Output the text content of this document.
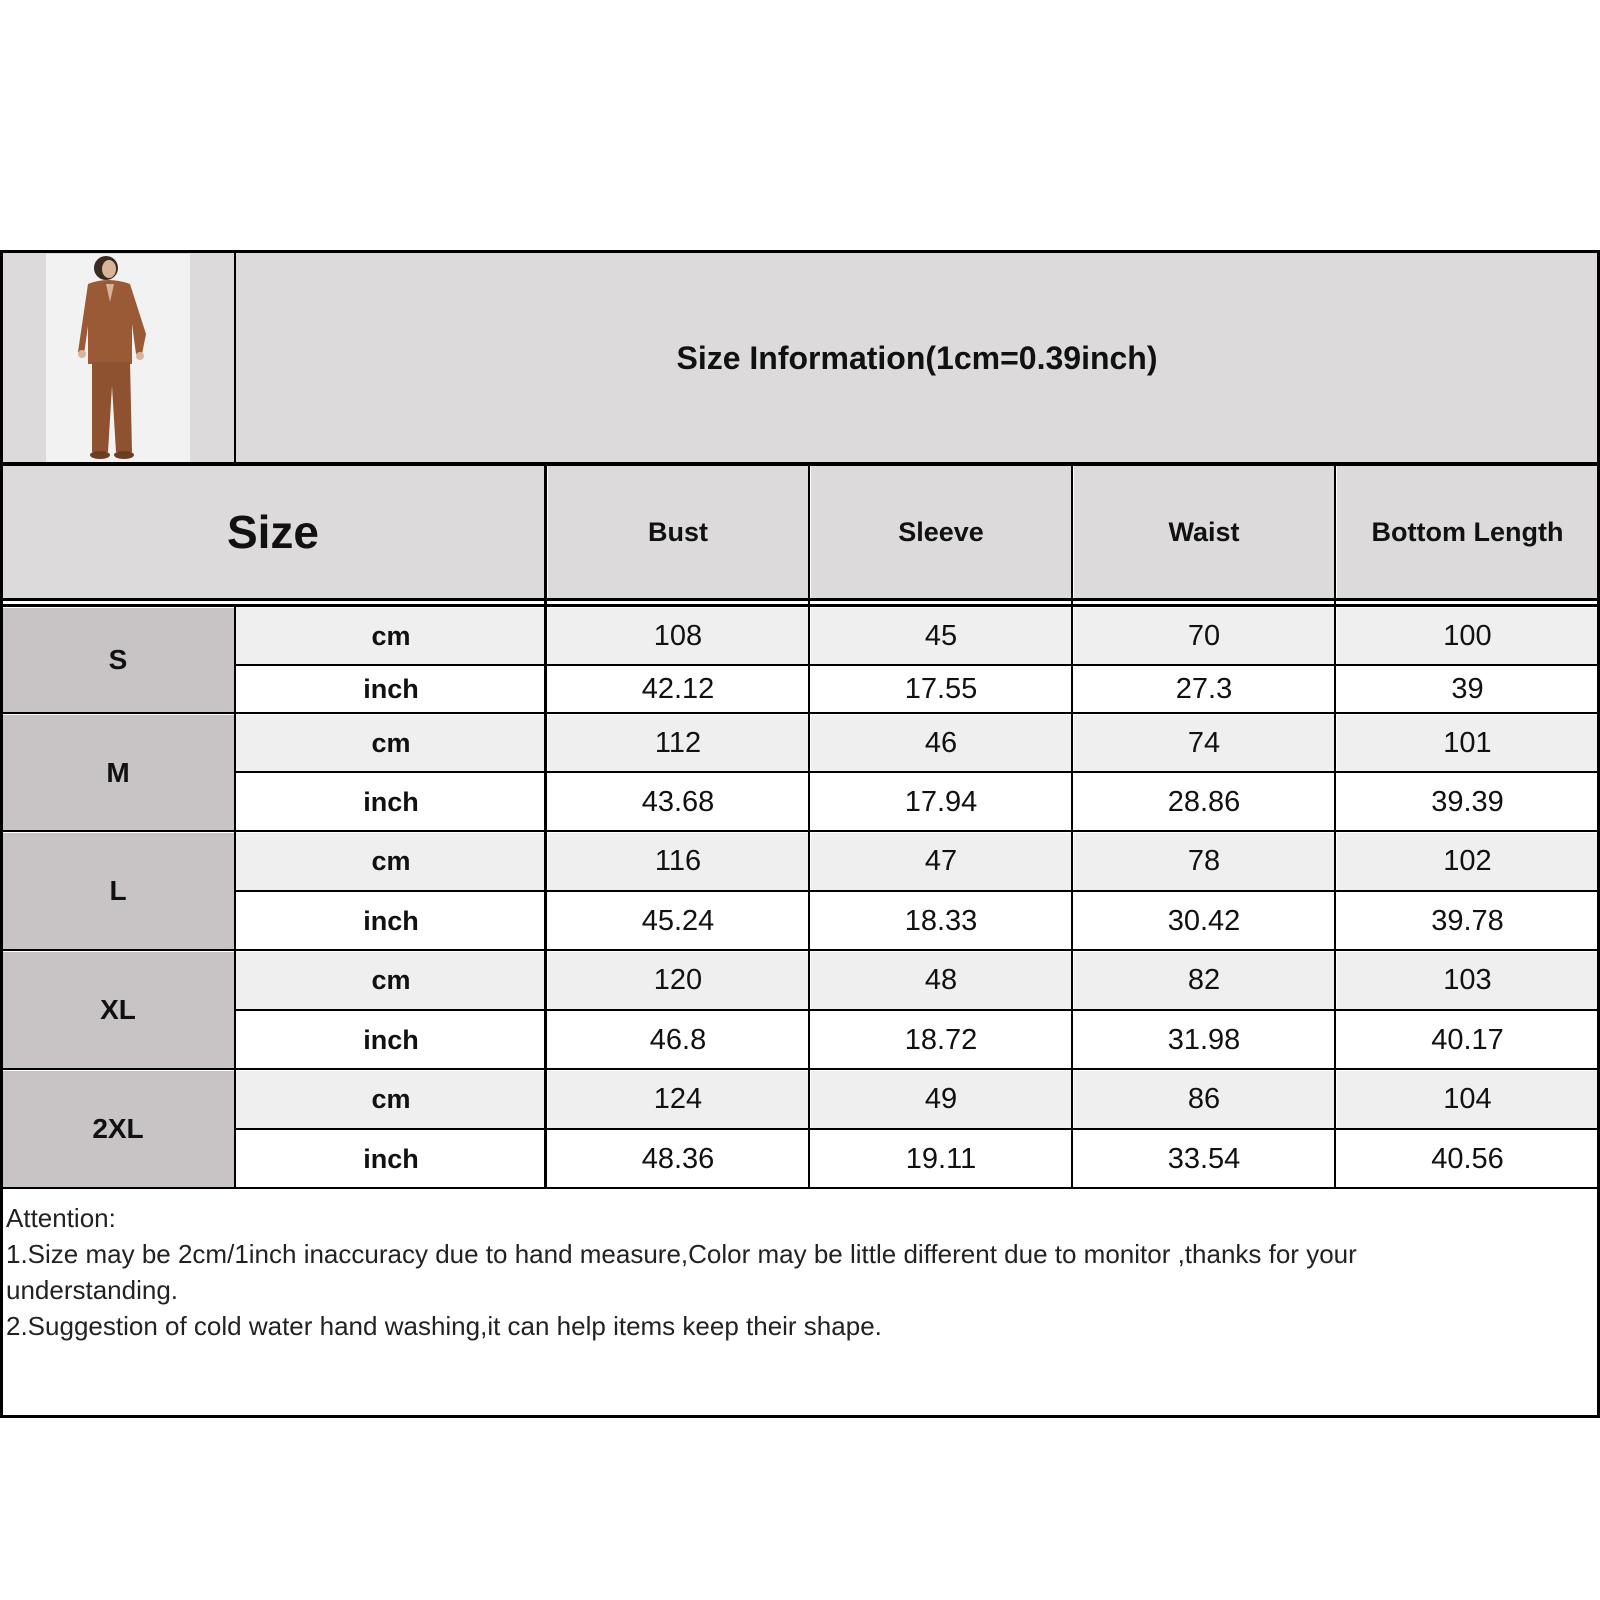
Size Information(1cm=0.39inch)
Size	Bust	Sleeve	Waist	Bottom Length
S
cm	108	45	70	100
inch	42.12	17.55	27.3	39
M
cm	112	46	74	101
inch	43.68	17.94	28.86	39.39
L
cm	116	47	78	102
inch	45.24	18.33	30.42	39.78
XL
cm	120	48	82	103
inch	46.8	18.72	31.98	40.17
2XL
cm	124	49	86	104
inch	48.36	19.11	33.54	40.56
Attention:
1.Size may be 2cm/1inch inaccuracy due to hand measure,Color may be little different due to monitor ,thanks for your understanding.
2.Suggestion of cold water hand washing,it can help items keep their shape.
